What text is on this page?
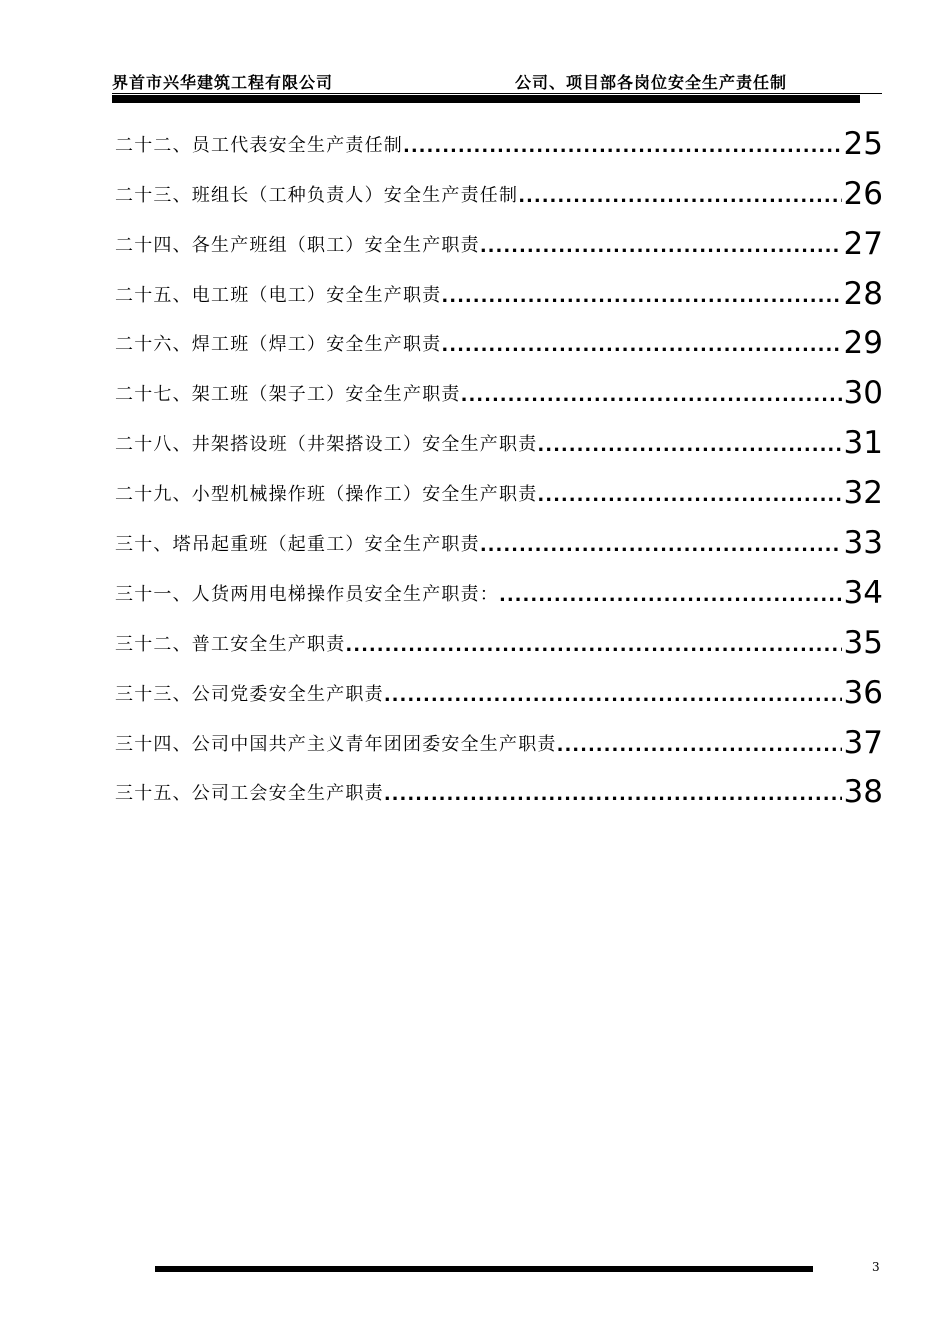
界首市兴华建筑工程有限公司	公司、项目部各岗位安全生产责任制
二十二、员工代表安全生产责任制 .....	25
二十三、班组长（工种负责人）安全生产责任制 .....	26
二十四、各生产班组（职工）安全生产职责 .....	27
二十五、电工班（电工）安全生产职责 .....	28
二十六、焊工班（焊工）安全生产职责 .....	29
二十七、架工班（架子工）安全生产职责 .....	30
二十八、井架搭设班（井架搭设工）安全生产职责 .....	31
二十九、小型机械操作班（操作工）安全生产职责 .....	32
三十、塔吊起重班（起重工）安全生产职责 .....	33
三十一、人货两用电梯操作员安全生产职责： .....	34
三十二、普工安全生产职责 .....	35
三十三、公司党委安全生产职责 .....	36
三十四、公司中国共产主义青年团团委安全生产职责 .....	37
三十五、公司工会安全生产职责 .....	38
3
